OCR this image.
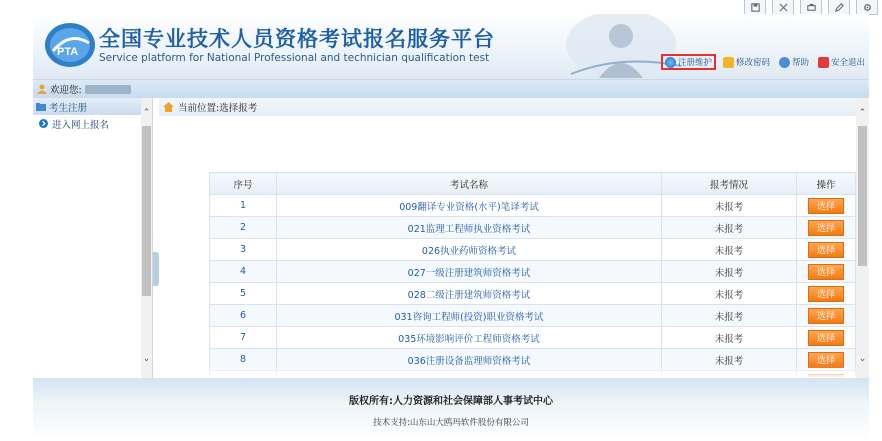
PTA
全国专业技术人员资格考试报名服务平台
Service platform for National Professional and technician qualification test	注册维护	修改密码	帮助	安全退出
欢迎您:
考生注册
进入网上报名
⌃
⌄
当前位置:选择报考
序号	考试名称	报考情况	操作
1	009翻译专业资格(水平)笔译考试	未报考	选择
2	021监理工程师执业资格考试	未报考	选择
3	026执业药师资格考试	未报考	选择
4	027一级注册建筑师资格考试	未报考	选择
5	028二级注册建筑师资格考试	未报考	选择
6	031咨询工程师(投资)职业资格考试	未报考	选择
7	035环境影响评价工程师资格考试	未报考	选择
8	036注册设备监理师资格考试	未报考	选择

⌃
⌄
版权所有:人力资源和社会保障部人事考试中心
技术支持:山东山大鸥玛软件股份有限公司
